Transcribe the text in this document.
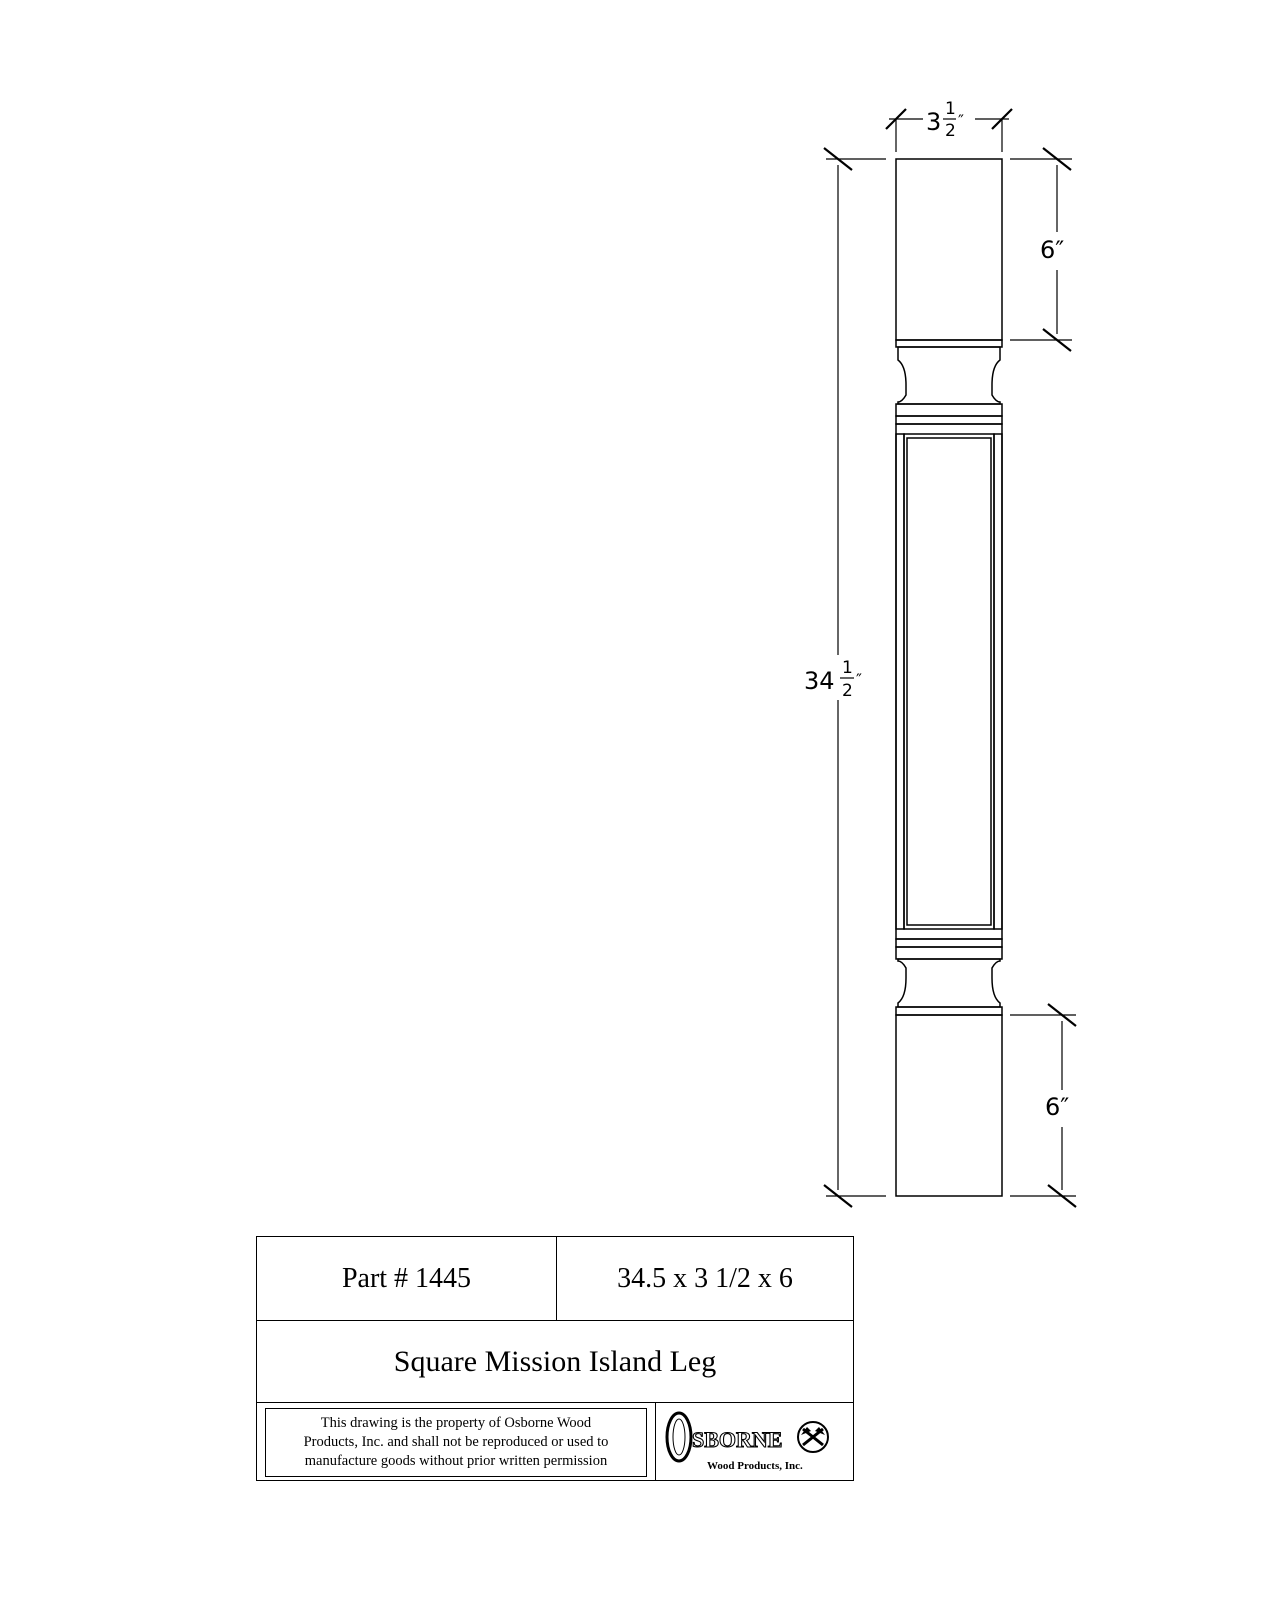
3 1
2
″
34 1
2
″
6″
6″
Part # 1445	34.5 x 3 1/2 x 6
Square Mission Island Leg
This drawing is the property of Osborne Wood
Products, Inc. and shall not be reproduced or used to
manufacture goods without prior written permission
SBORNE
Wood Products, Inc.
